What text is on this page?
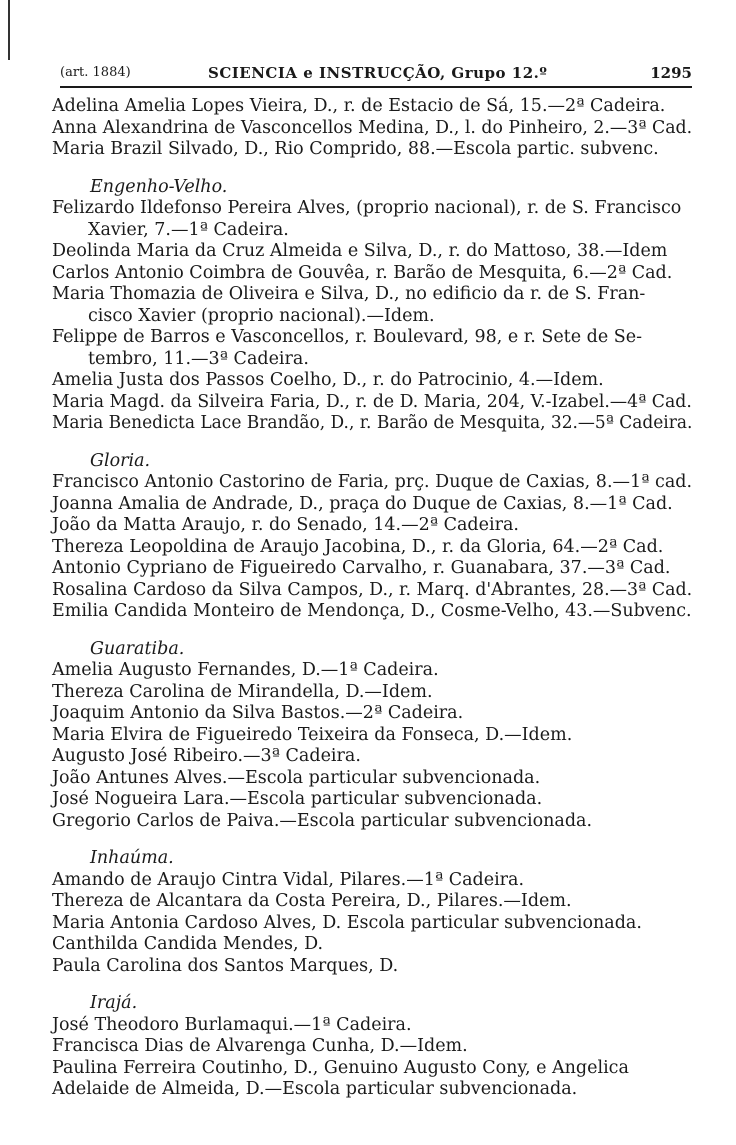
(art. 1884)	SCIENCIA e INSTRUCÇÃO, Grupo 12.º	1295
Adelina Amelia Lopes Vieira, D., r. de Estacio de Sá, 15.—2ª Cadeira.
Anna Alexandrina de Vasconcellos Medina, D., l. do Pinheiro, 2.—3ª Cad.
Maria Brazil Silvado, D., Rio Comprido, 88.—Escola partic. subvenc.
Engenho-Velho.
Felizardo Ildefonso Pereira Alves, (proprio nacional), r. de S. Francisco
Xavier, 7.—1ª Cadeira.
Deolinda Maria da Cruz Almeida e Silva, D., r. do Mattoso, 38.—Idem
Carlos Antonio Coimbra de Gouvêa, r. Barão de Mesquita, 6.—2ª Cad.
Maria Thomazia de Oliveira e Silva, D., no edificio da r. de S. Fran-
cisco Xavier (proprio nacional).—Idem.
Felippe de Barros e Vasconcellos, r. Boulevard, 98, e r. Sete de Se-
tembro, 11.—3ª Cadeira.
Amelia Justa dos Passos Coelho, D., r. do Patrocinio, 4.—Idem.
Maria Magd. da Silveira Faria, D., r. de D. Maria, 204, V.-Izabel.—4ª Cad.
Maria Benedicta Lace Brandão, D., r. Barão de Mesquita, 32.—5ª Cadeira.
Gloria.
Francisco Antonio Castorino de Faria, prç. Duque de Caxias, 8.—1ª cad.
Joanna Amalia de Andrade, D., praça do Duque de Caxias, 8.—1ª Cad.
João da Matta Araujo, r. do Senado, 14.—2ª Cadeira.
Thereza Leopoldina de Araujo Jacobina, D., r. da Gloria, 64.—2ª Cad.
Antonio Cypriano de Figueiredo Carvalho, r. Guanabara, 37.—3ª Cad.
Rosalina Cardoso da Silva Campos, D., r. Marq. d'Abrantes, 28.—3ª Cad.
Emilia Candida Monteiro de Mendonça, D., Cosme-Velho, 43.—Subvenc.
Guaratiba.
Amelia Augusto Fernandes, D.—1ª Cadeira.
Thereza Carolina de Mirandella, D.—Idem.
Joaquim Antonio da Silva Bastos.—2ª Cadeira.
Maria Elvira de Figueiredo Teixeira da Fonseca, D.—Idem.
Augusto José Ribeiro.—3ª Cadeira.
João Antunes Alves.—Escola particular subvencionada.
José Nogueira Lara.—Escola particular subvencionada.
Gregorio Carlos de Paiva.—Escola particular subvencionada.
Inhaúma.
Amando de Araujo Cintra Vidal, Pilares.—1ª Cadeira.
Thereza de Alcantara da Costa Pereira, D., Pilares.—Idem.
Maria Antonia Cardoso Alves, D. Escola particular subvencionada.
Canthilda Candida Mendes, D.
Paula Carolina dos Santos Marques, D.
Irajá.
José Theodoro Burlamaqui.—1ª Cadeira.
Francisca Dias de Alvarenga Cunha, D.—Idem.
Paulina Ferreira Coutinho, D., Genuino Augusto Cony, e Angelica
Adelaide de Almeida, D.—Escola particular subvencionada.
